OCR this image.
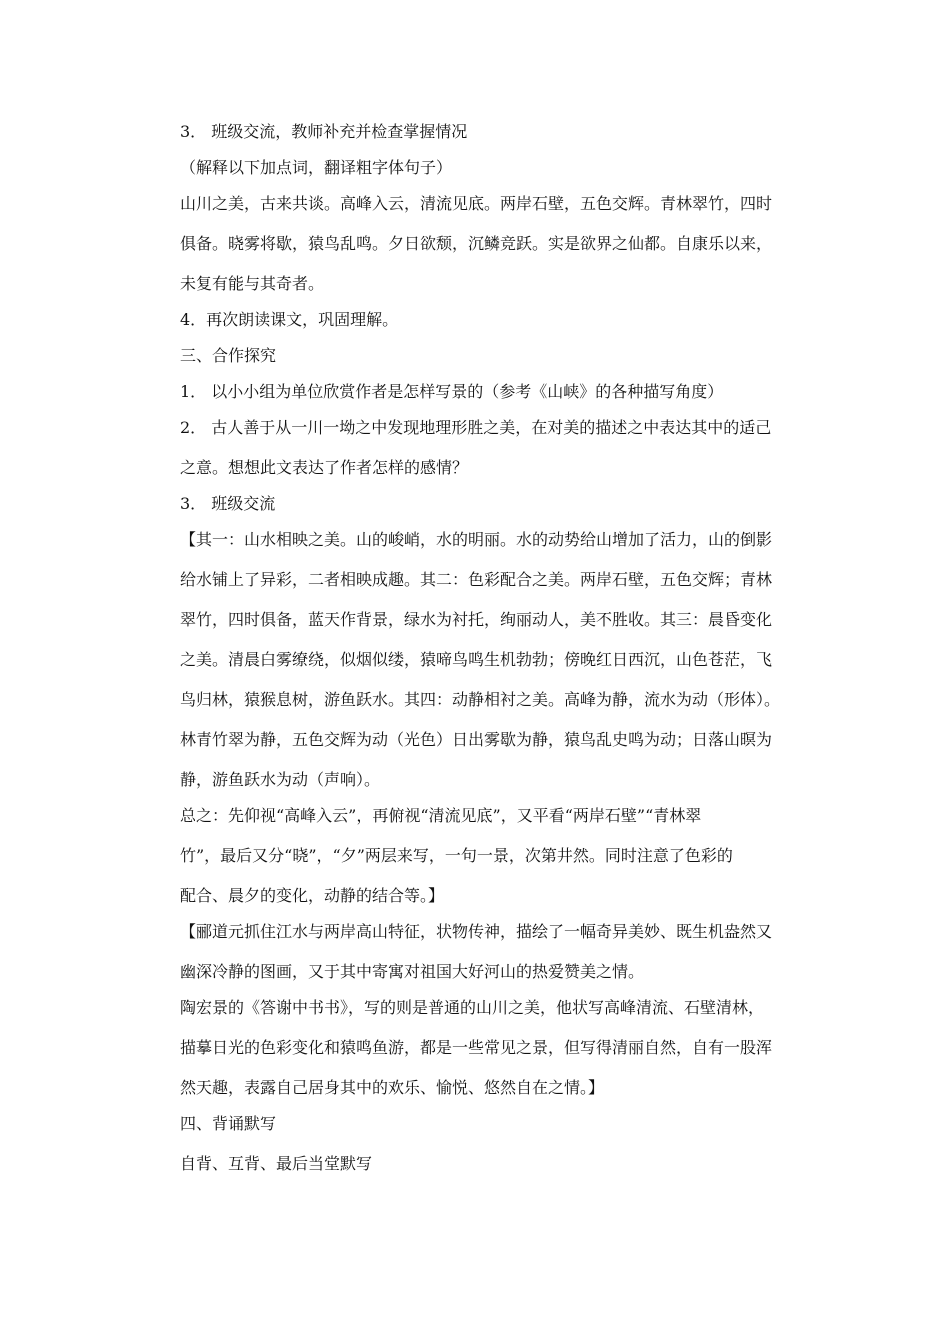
3． 班级交流，教师补充并检查掌握情况
（解释以下加点词，翻译粗字体句子）
山川之美，古来共谈。高峰入云，清流见底。两岸石壁，五色交辉。青林翠竹，四时
俱备。晓雾将歇，猿鸟乱鸣。夕日欲颓，沉鳞竞跃。实是欲界之仙都。自康乐以来，
未复有能与其奇者。
4．再次朗读课文，巩固理解。
三、合作探究
1． 以小小组为单位欣赏作者是怎样写景的（参考《山峡》的各种描写角度）
2． 古人善于从一川一坳之中发现地理形胜之美，在对美的描述之中表达其中的适己
之意。想想此文表达了作者怎样的感情？
3． 班级交流
【其一：山水相映之美。山的峻峭，水的明丽。水的动势给山增加了活力，山的倒影
给水铺上了异彩，二者相映成趣。其二：色彩配合之美。两岸石壁，五色交辉；青林
翠竹，四时俱备，蓝天作背景，绿水为衬托，绚丽动人，美不胜收。其三：晨昏变化
之美。清晨白雾缭绕，似烟似缕，猿啼鸟鸣生机勃勃；傍晚红日西沉，山色苍茫，飞
鸟归林，猿猴息树，游鱼跃水。其四：动静相衬之美。高峰为静，流水为动（形体）。
林青竹翠为静，五色交辉为动（光色）日出雾歇为静，猿鸟乱史鸣为动；日落山暝为
静，游鱼跃水为动（声响）。
总之：先仰视“高峰入云”，再俯视“清流见底”，又平看“两岸石壁”“青林翠
竹”，最后又分“晓”，“夕”两层来写，一句一景，次第井然。同时注意了色彩的
配合、晨夕的变化，动静的结合等。】
【郦道元抓住江水与两岸高山特征，状物传神，描绘了一幅奇异美妙、既生机盎然又
幽深冷静的图画，又于其中寄寓对祖国大好河山的热爱赞美之情。
陶宏景的《答谢中书书》，写的则是普通的山川之美，他状写高峰清流、石壁清林，
描摹日光的色彩变化和猿鸣鱼游，都是一些常见之景，但写得清丽自然，自有一股浑
然天趣，表露自己居身其中的欢乐、愉悦、悠然自在之情。】
四、背诵默写
自背、互背、最后当堂默写
